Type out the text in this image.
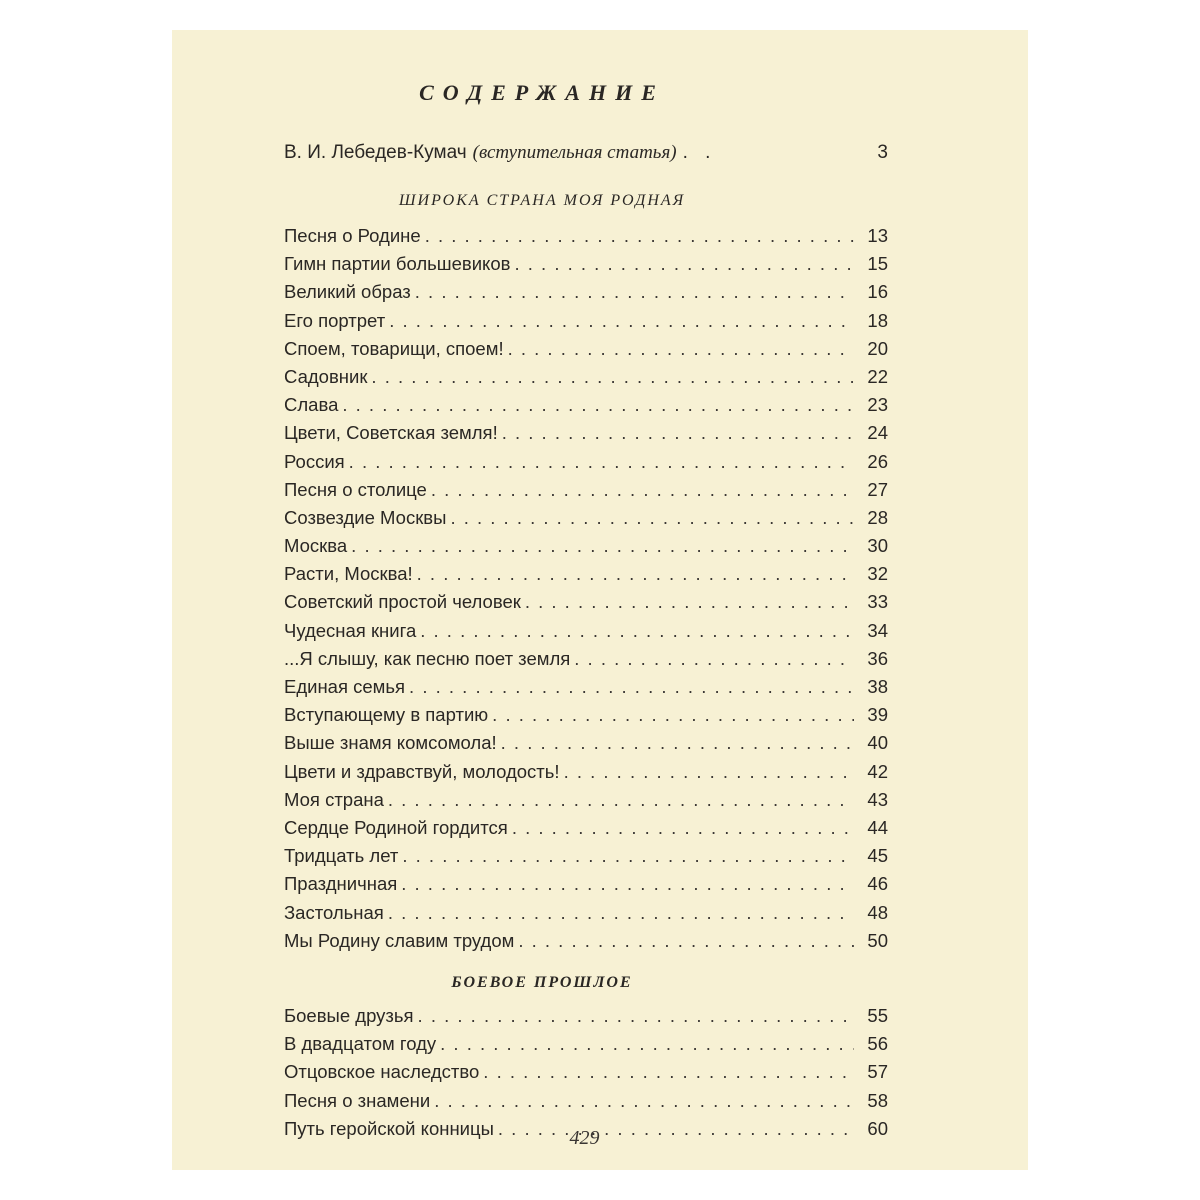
СОДЕРЖАНИЕ
В. И. Лебедев-Кумач (вступительная статья) . .	3
ШИРОКА СТРАНА МОЯ РОДНАЯ
Песня о Родине . . .	13
Гимн партии большевиков . . .	15
Великий образ . . .	16
Его портрет . . .	18
Споем, товарищи, споем! . . .	20
Садовник . . .	22
Слава . . .	23
Цвети, Советская земля! . . .	24
Россия . . .	26
Песня о столице . . .	27
Созвездие Москвы . . .	28
Москва . . .	30
Расти, Москва! . . .	32
Советский простой человек . . .	33
Чудесная книга . . .	34
...Я слышу, как песню поет земля . . .	36
Единая семья . . .	38
Вступающему в партию . . .	39
Выше знамя комсомола! . . .	40
Цвети и здравствуй, молодость! . . .	42
Моя страна . . .	43
Сердце Родиной гордится . . .	44
Тридцать лет . . .	45
Праздничная . . .	46
Застольная . . .	48
Мы Родину славим трудом . . .	50
БОЕВОЕ ПРОШЛОЕ
Боевые друзья . . .	55
В двадцатом году . . .	56
Отцовское наследство . . .	57
Песня о знамени . . .	58
Путь геройской конницы . . .	60
429
